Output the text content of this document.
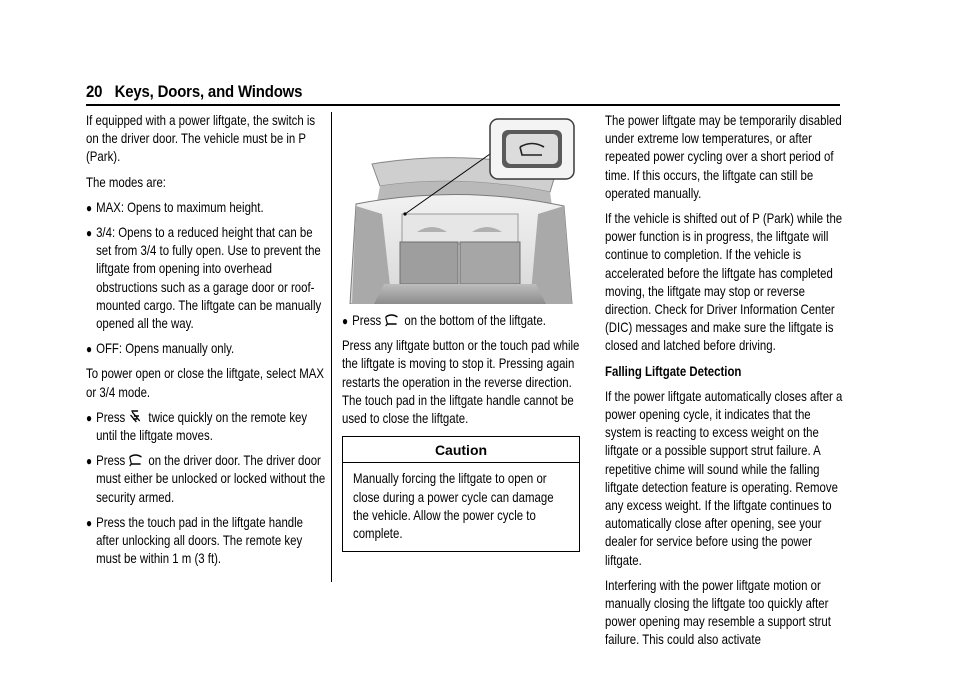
20 Keys, Doors, and Windows

If equipped with a power liftgate, the switch is on the driver door. The vehicle must be in P (Park).

The modes are:

● MAX: Opens to maximum height.
● 3/4: Opens to a reduced height that can be set from 3/4 to fully open. Use to prevent the liftgate from opening into overhead obstructions such as a garage door or roof-mounted cargo. The liftgate can be manually opened all the way.
● OFF: Opens manually only.

To power open or close the liftgate, select MAX or 3/4 mode.

● Press twice quickly on the remote key until the liftgate moves.
● Press on the driver door. The driver door must either be unlocked or locked without the security armed.
● Press the touch pad in the liftgate handle after unlocking all doors. The remote key must be within 1 m (3 ft).
● Press on the bottom of the liftgate.

Press any liftgate button or the touch pad while the liftgate is moving to stop it. Pressing again restarts the operation in the reverse direction. The touch pad in the liftgate handle cannot be used to close the liftgate.

Caution
Manually forcing the liftgate to open or close during a power cycle can damage the vehicle. Allow the power cycle to complete.

The power liftgate may be temporarily disabled under extreme low temperatures, or after repeated power cycling over a short period of time. If this occurs, the liftgate can still be operated manually.

If the vehicle is shifted out of P (Park) while the power function is in progress, the liftgate will continue to completion. If the vehicle is accelerated before the liftgate has completed moving, the liftgate may stop or reverse direction. Check for Driver Information Center (DIC) messages and make sure the liftgate is closed and latched before driving.

Falling Liftgate Detection

If the power liftgate automatically closes after a power opening cycle, it indicates that the system is reacting to excess weight on the liftgate or a possible support strut failure. A repetitive chime will sound while the falling liftgate detection feature is operating. Remove any excess weight. If the liftgate continues to automatically close after opening, see your dealer for service before using the power liftgate.

Interfering with the power liftgate motion or manually closing the liftgate too quickly after power opening may resemble a support strut failure. This could also activate
